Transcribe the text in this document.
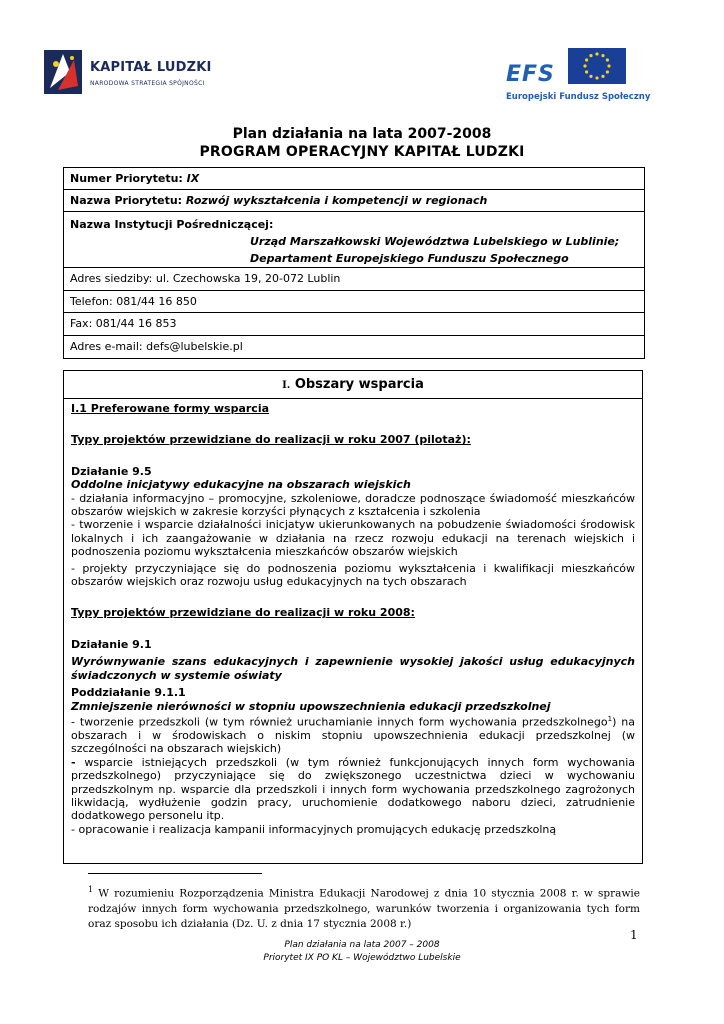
KAPITAŁ LUDZKI
NARODOWA STRATEGIA SPÓJNOŚCI	EFS
Europejski Fundusz Społeczny
Plan działania na lata 2007-2008
PROGRAM OPERACYJNY KAPITAŁ LUDZKI
Numer Priorytetu: IX
Nazwa Priorytetu: Rozwój wykształcenia i kompetencji w regionach
Nazwa Instytucji Pośredniczącej:
Urząd Marszałkowski Województwa Lubelskiego w Lublinie;
Departament Europejskiego Funduszu Społecznego
Adres siedziby: ul. Czechowska 19, 20-072 Lublin
Telefon: 081/44 16 850
Fax: 081/44 16 853
Adres e-mail: defs@lubelskie.pl
I. Obszary wsparcia

I.1 Preferowane formy wsparcia

Typy projektów przewidziane do realizacji w roku 2007 (pilotaż):

Działanie 9.5

Oddolne inicjatywy edukacyjne na obszarach wiejskich

- działania informacyjno – promocyjne, szkoleniowe, doradcze podnoszące świadomość mieszkańców obszarów wiejskich w zakresie korzyści płynących z kształcenia i szkolenia

- tworzenie i wsparcie działalności inicjatyw ukierunkowanych na pobudzenie świadomości środowisk lokalnych i ich zaangażowanie w działania na rzecz rozwoju edukacji na terenach wiejskich i podnoszenia poziomu wykształcenia mieszkańców obszarów wiejskich

- projekty przyczyniające się do podnoszenia poziomu wykształcenia i kwalifikacji mieszkańców obszarów wiejskich oraz rozwoju usług edukacyjnych na tych obszarach

Typy projektów przewidziane do realizacji w roku 2008:

Działanie 9.1

Wyrównywanie szans edukacyjnych i zapewnienie wysokiej jakości usług edukacyjnych świadczonych w systemie oświaty

Poddziałanie 9.1.1

Zmniejszenie nierówności w stopniu upowszechnienia edukacji przedszkolnej

- tworzenie przedszkoli (w tym również uruchamianie innych form wychowania przedszkolnego$^1$) na obszarach i w środowiskach o niskim stopniu upowszechnienia edukacji przedszkolnej (w szczególności na obszarach wiejskich)

- wsparcie istniejących przedszkoli (w tym również funkcjonujących innych form wychowania przedszkolnego) przyczyniające się do zwiększonego uczestnictwa dzieci w wychowaniu przedszkolnym np. wsparcie dla przedszkoli i innych form wychowania przedszkolnego zagrożonych likwidacją, wydłużenie godzin pracy, uruchomienie dodatkowego naboru dzieci, zatrudnienie dodatkowego personelu itp.

- opracowanie i realizacja kampanii informacyjnych promujących edukację przedszkolną

$^1$ W rozumieniu Rozporządzenia Ministra Edukacji Narodowej z dnia 10 stycznia 2008 r. w sprawie rodzajów innych form wychowania przedszkolnego, warunków tworzenia i organizowania tych form oraz sposobu ich działania (Dz. U. z dnia 17 stycznia 2008 r.)
1
Plan działania na lata 2007 – 2008
Priorytet IX PO KL – Województwo Lubelskie
